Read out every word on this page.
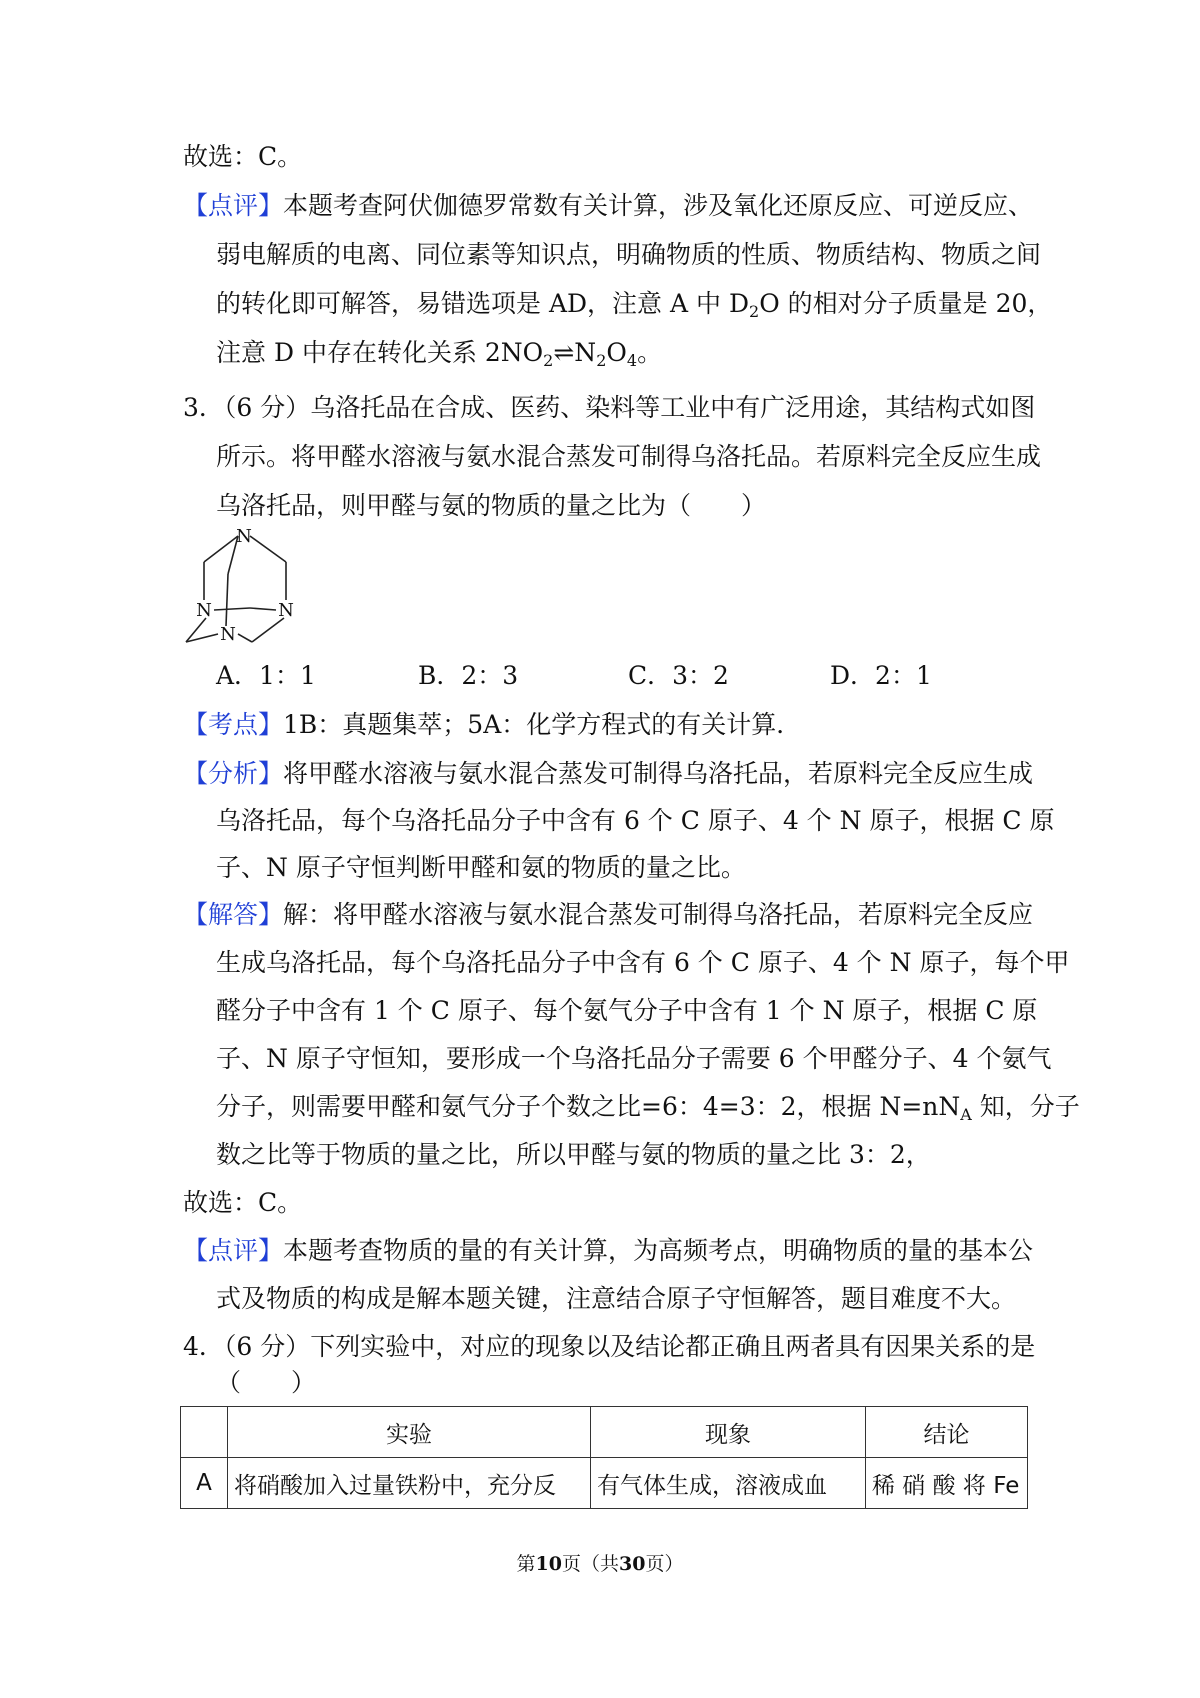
故选：C。
【点评】本题考查阿伏伽德罗常数有关计算，涉及氧化还原反应、可逆反应、
弱电解质的电离、同位素等知识点，明确物质的性质、物质结构、物质之间
的转化即可解答，易错选项是 AD，注意 A 中 $D_2O$ 的相对分子质量是 20，
注意 D 中存在转化关系 $2NO_2\rightleftharpoons N_2O_4$。
3．（6 分）乌洛托品在合成、医药、染料等工业中有广泛用途，其结构式如图
所示。将甲醛水溶液与氨水混合蒸发可制得乌洛托品。若原料完全反应生成
乌洛托品，则甲醛与氨的物质的量之比为（　　）
N
N	N
N
A．1：1	B．2：3	C．3：2	D．2：1
【考点】1B：真题集萃；5A：化学方程式的有关计算．
【分析】将甲醛水溶液与氨水混合蒸发可制得乌洛托品，若原料完全反应生成
乌洛托品，每个乌洛托品分子中含有 6 个 C 原子、4 个 N 原子，根据 C 原
子、N 原子守恒判断甲醛和氨的物质的量之比。
【解答】解：将甲醛水溶液与氨水混合蒸发可制得乌洛托品，若原料完全反应
生成乌洛托品，每个乌洛托品分子中含有 6 个 C 原子、4 个 N 原子，每个甲
醛分子中含有 1 个 C 原子、每个氨气分子中含有 1 个 N 原子，根据 C 原
子、N 原子守恒知，要形成一个乌洛托品分子需要 6 个甲醛分子、4 个氨气
分子，则需要甲醛和氨气分子个数之比=6：4=3：2，根据 $N=nN_A$ 知，分子
数之比等于物质的量之比，所以甲醛与氨的物质的量之比 3：2，
故选：C。
【点评】本题考查物质的量的有关计算，为高频考点，明确物质的量的基本公
式及物质的构成是解本题关键，注意结合原子守恒解答，题目难度不大。
4．（6 分）下列实验中，对应的现象以及结论都正确且两者具有因果关系的是
（　　）
	实验	现象	结论
A	将硝酸加入过量铁粉中，充分反	有气体生成，溶液成血	稀 硝 酸 将 Fe
第10页（共30页）
